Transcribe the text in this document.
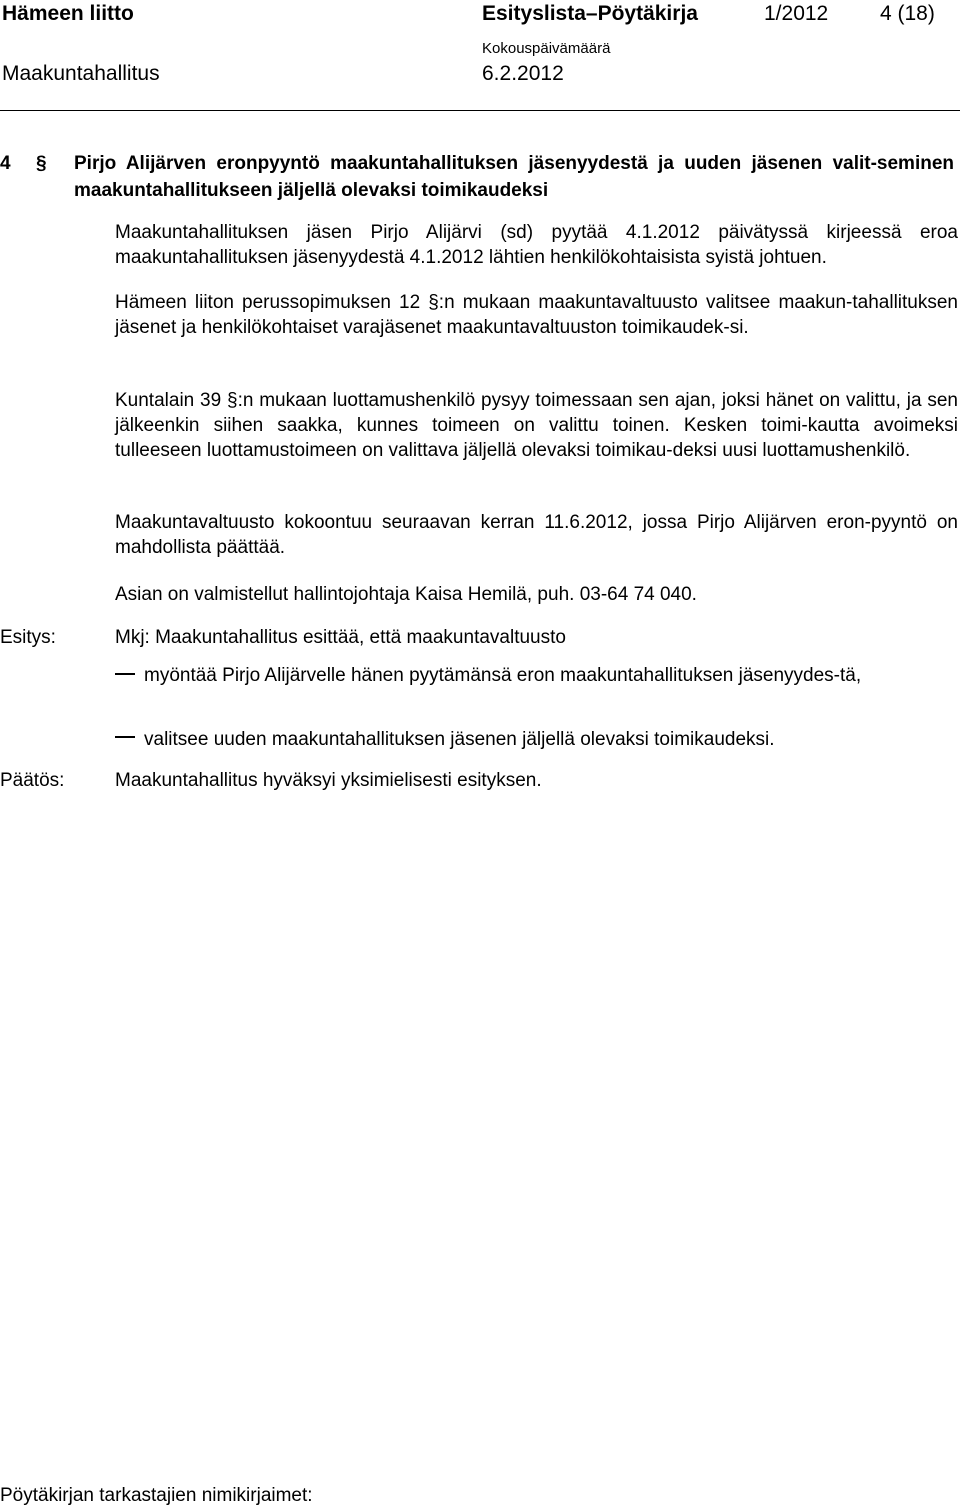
Hämeen liitto	Esityslista–Pöytäkirja	1/2012 4 (18)
Maakuntahallitus
Kokouspäivämäärä
6.2.2012
4 § Pirjo Alijärven eronpyyntö maakuntahallituksen jäsenyydestä ja uuden jäsenen valit-seminen maakuntahallitukseen jäljellä olevaksi toimikaudeksi

Maakuntahallituksen jäsen Pirjo Alijärvi (sd) pyytää 4.1.2012 päivätyssä kirjeessä eroa maakuntahallituksen jäsenyydestä 4.1.2012 lähtien henkilökohtaisista syistä johtuen.

Hämeen liiton perussopimuksen 12 §:n mukaan maakuntavaltuusto valitsee maakun-tahallituksen jäsenet ja henkilökohtaiset varajäsenet maakuntavaltuuston toimikaudek-si.

Kuntalain 39 §:n mukaan luottamushenkilö pysyy toimessaan sen ajan, joksi hänet on valittu, ja sen jälkeenkin siihen saakka, kunnes toimeen on valittu toinen. Kesken toimi-kautta avoimeksi tulleeseen luottamustoimeen on valittava jäljellä olevaksi toimikau-deksi uusi luottamushenkilö.

Maakuntavaltuusto kokoontuu seuraavan kerran 11.6.2012, jossa Pirjo Alijärven eron-pyyntö on mahdollista päättää.

Asian on valmistellut hallintojohtaja Kaisa Hemilä, puh. 03-64 74 040.

Esitys:	Mkj: Maakuntahallitus esittää, että maakuntavaltuusto
myöntää Pirjo Alijärvelle hänen pyytämänsä eron maakuntahallituksen jäsenyydes-tä,
valitsee uuden maakuntahallituksen jäsenen jäljellä olevaksi toimikaudeksi.
Päätös:	Maakuntahallitus hyväksyi yksimielisesti esityksen.
Pöytäkirjan tarkastajien nimikirjaimet:
